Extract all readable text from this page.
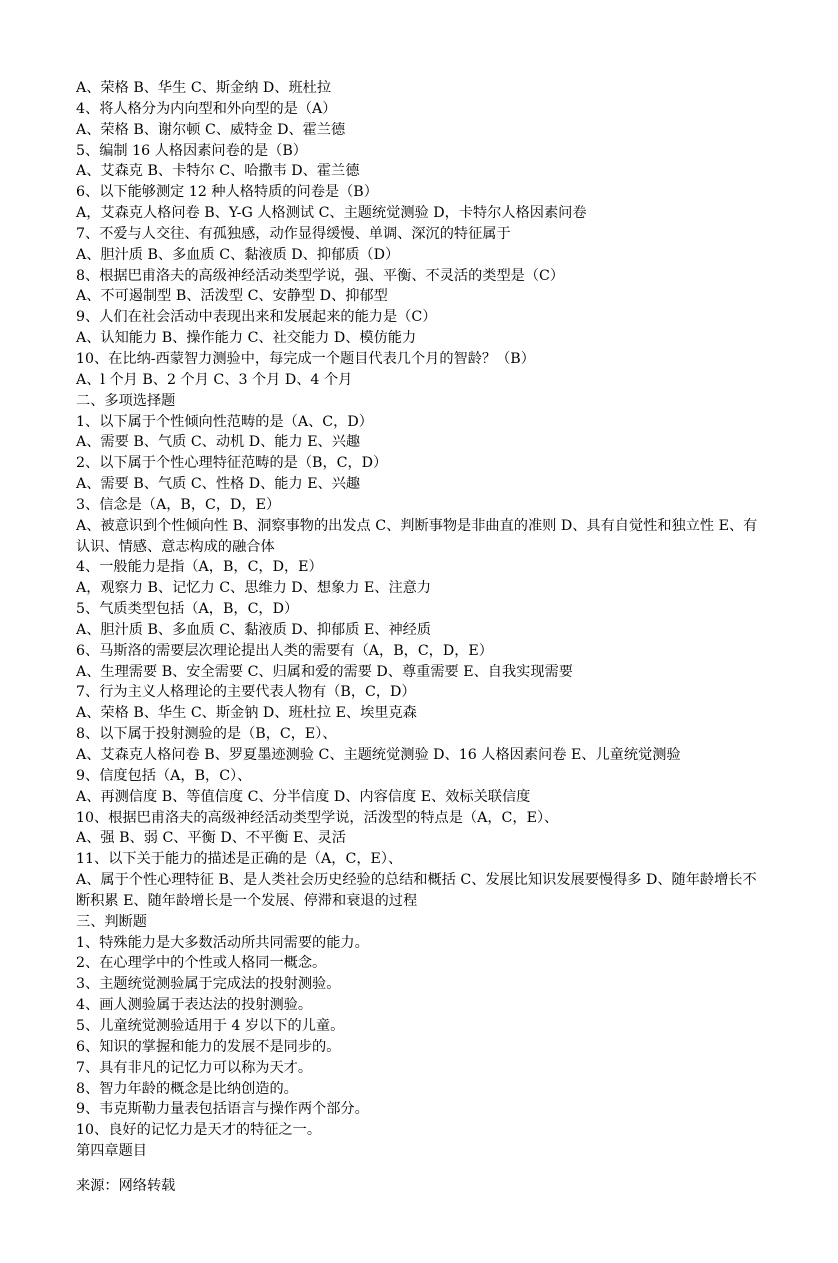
A、荣格 B、华生 C、斯金纳 D、班杜拉
4、将人格分为内向型和外向型的是（A）
A、荣格 B、谢尔顿 C、威特金 D、霍兰德
5、编制 16 人格因素问卷的是（B）
A、艾森克 B、卡特尔 C、哈撒韦 D、霍兰德
6、以下能够测定 12 种人格特质的问卷是（B）
A，艾森克人格问卷 B、Y-G 人格测试 C、主题统觉测验 D，卡特尔人格因素问卷
7、不爱与人交往、有孤独感，动作显得缓慢、单调、深沉的特征属于
A、胆汁质 B、多血质 C、黏液质 D、抑郁质（D）
8、根据巴甫洛夫的高级神经活动类型学说，强、平衡、不灵活的类型是（C）
A、不可遏制型 B、活泼型 C、安静型 D、抑郁型
9、人们在社会活动中表现出来和发展起来的能力是（C）
A、认知能力 B、操作能力 C、社交能力 D、模仿能力
10、在比纳-西蒙智力测验中，每完成一个题目代表几个月的智龄？（B）
A、l 个月 B、2 个月 C、3 个月 D、4 个月
二、多项选择题
1、以下属于个性倾向性范畴的是（A、C，D）
A、需要 B、气质 C、动机 D、能力 E、兴趣
2、以下属于个性心理特征范畴的是（B，C，D）
A、需要 B、气质 C、性格 D、能力 E、兴趣
3、信念是（A，B，C，D，E）
A、被意识到个性倾向性 B、洞察事物的出发点 C、判断事物是非曲直的准则 D、具有自觉性和独立性 E、有认识、情感、意志构成的融合体
4、一般能力是指（A，B，C，D，E）
A，观察力 B、记忆力 C、思维力 D、想象力 E、注意力
5、气质类型包括（A，B，C，D）
A、胆汁质 B、多血质 C、黏液质 D、抑郁质 E、神经质
6、马斯洛的需要层次理论提出人类的需要有（A，B，C，D，E）
A、生理需要 B、安全需要 C、归属和爱的需要 D、尊重需要 E、自我实现需要
7、行为主义人格理论的主要代表人物有（B，C，D）
A、荣格 B、华生 C、斯金钠 D、班杜拉 E、埃里克森
8、以下属于投射测验的是（B，C，E）、
A、艾森克人格问卷 B、罗夏墨迹测验 C、主题统觉测验 D、16 人格因素问卷 E、儿童统觉测验
9、信度包括（A，B，C）、
A、再测信度 B、等值信度 C、分半信度 D、内容信度 E、效标关联信度
10、根据巴甫洛夫的高级神经活动类型学说，活泼型的特点是（A，C，E）、
A、强 B、弱 C、平衡 D、不平衡 E、灵活
11、以下关于能力的描述是正确的是（A，C，E）、
A、属于个性心理特征 B、是人类社会历史经验的总结和概括 C、发展比知识发展要慢得多 D、随年龄增长不断积累 E、随年龄增长是一个发展、停滞和衰退的过程
三、判断题
1、特殊能力是大多数活动所共同需要的能力。
2、在心理学中的个性或人格同一概念。
3、主题统觉测验属于完成法的投射测验。
4、画人测验属于表达法的投射测验。
5、儿童统觉测验适用于 4 岁以下的儿童。
6、知识的掌握和能力的发展不是同步的。
7、具有非凡的记忆力可以称为天才。
8、智力年龄的概念是比纳创造的。
9、韦克斯勒力量表包括语言与操作两个部分。
10、良好的记忆力是天才的特征之一。
第四章题目
来源：网络转载
